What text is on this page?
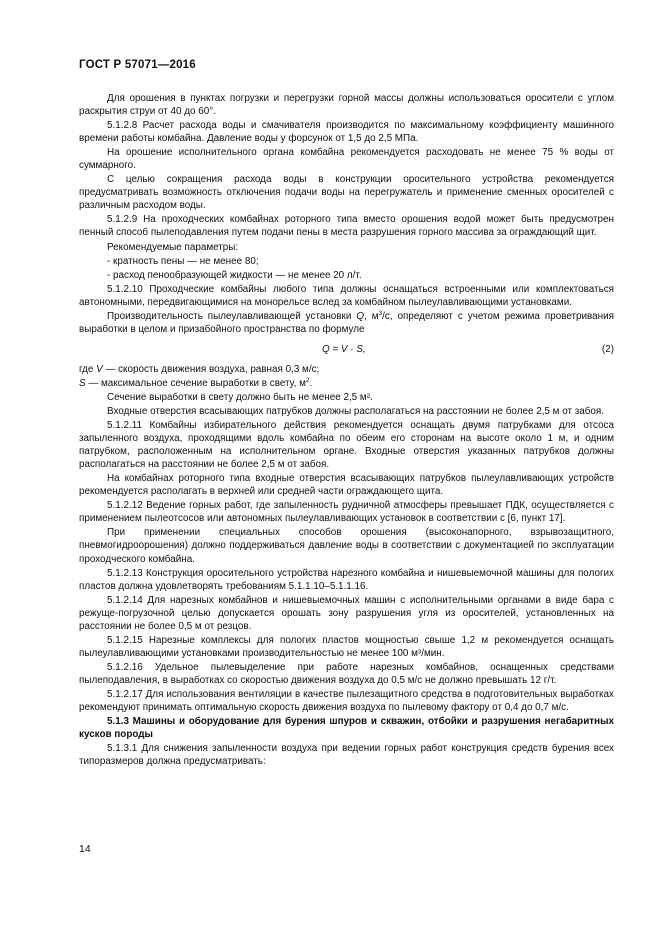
ГОСТ Р 57071—2016

Для орошения в пунктах погрузки и перегрузки горной массы должны использоваться оросители с углом раскрытия струи от 40 до 60°.

5.1.2.8 Расчет расхода воды и смачивателя производится по максимальному коэффициенту машинного времени работы комбайна. Давление воды у форсунок от 1,5 до 2,5 МПа.

На орошение исполнительного органа комбайна рекомендуется расходовать не менее 75 % воды от суммарного.

С целью сокращения расхода воды в конструкции оросительного устройства рекомендуется предусматривать возможность отключения подачи воды на перегружатель и применение сменных оросителей с различным расходом воды.

5.1.2.9 На проходческих комбайнах роторного типа вместо орошения водой может быть предусмотрен пенный способ пылеподавления путем подачи пены в места разрушения горного массива за ограждающий щит.

Рекомендуемые параметры:

- кратность пены — не менее 80;

- расход пенообразующей жидкости — не менее 20 л/т.

5.1.2.10 Проходческие комбайны любого типа должны оснащаться встроенными или комплектоваться автономными, передвигающимися на монорельсе вслед за комбайном пылеулавливающими установками.

Производительность пылеулавливающей установки Q, $м^3/с$, определяют с учетом режима проветривания выработки в целом и призабойного пространства по формуле

Q = V · S,	(2)

где V — скорость движения воздуха, равная 0,3 м/с;

S — максимальное сечение выработки в свету, $м^2$.

Сечение выработки в свету должно быть не менее 2,5 м².

Входные отверстия всасывающих патрубков должны располагаться на расстоянии не более 2,5 м от забоя.

5.1.2.11 Комбайны избирательного действия рекомендуется оснащать двумя патрубками для отсоса запыленного воздуха, проходящими вдоль комбайна по обеим его сторонам на высоте около 1 м, и одним патрубком, расположенным на исполнительном органе. Входные отверстия указанных патрубков должны располагаться на расстоянии не более 2,5 м от забоя.

На комбайнах роторного типа входные отверстия всасывающих патрубков пылеулавливающих устройств рекомендуется располагать в верхней или средней части ограждающего щита.

5.1.2.12 Ведение горных работ, где запыленность рудничной атмосферы превышает ПДК, осуществляется с применением пылеотсосов или автономных пылеулавливающих установок в соответствии с [6, пункт 17].

При применении специальных способов орошения (высоконапорного, взрывозащитного, пневмогидроорошения) должно поддерживаться давление воды в соответствии с документацией по эксплуатации проходческого комбайна.

5.1.2.13 Конструкция оросительного устройства нарезного комбайна и нишевыемочной машины для пологих пластов должна удовлетворять требованиям 5.1.1.10–5.1.1.16.

5.1.2.14 Для нарезных комбайнов и нишевыемочных машин с исполнительными органами в виде бара с режуще-погрузочной целью допускается орошать зону разрушения угля из оросителей, установленных на расстоянии не более 0,5 м от резцов.

5.1.2.15 Нарезные комплексы для пологих пластов мощностью свыше 1,2 м рекомендуется оснащать пылеулавливающими установками производительностью не менее 100 м³/мин.

5.1.2.16 Удельное пылевыделение при работе нарезных комбайнов, оснащенных средствами пылеподавления, в выработках со скоростью движения воздуха до 0,5 м/с не должно превышать 12 г/т.

5.1.2.17 Для использования вентиляции в качестве пылезащитного средства в подготовительных выработках рекомендуют принимать оптимальную скорость движения воздуха по пылевому фактору от 0,4 до 0,7 м/с.

5.1.3 Машины и оборудование для бурения шпуров и скважин, отбойки и разрушения негабаритных кусков породы

5.1.3.1 Для снижения запыленности воздуха при ведении горных работ конструкция средств бурения всех типоразмеров должна предусматривать:

14
